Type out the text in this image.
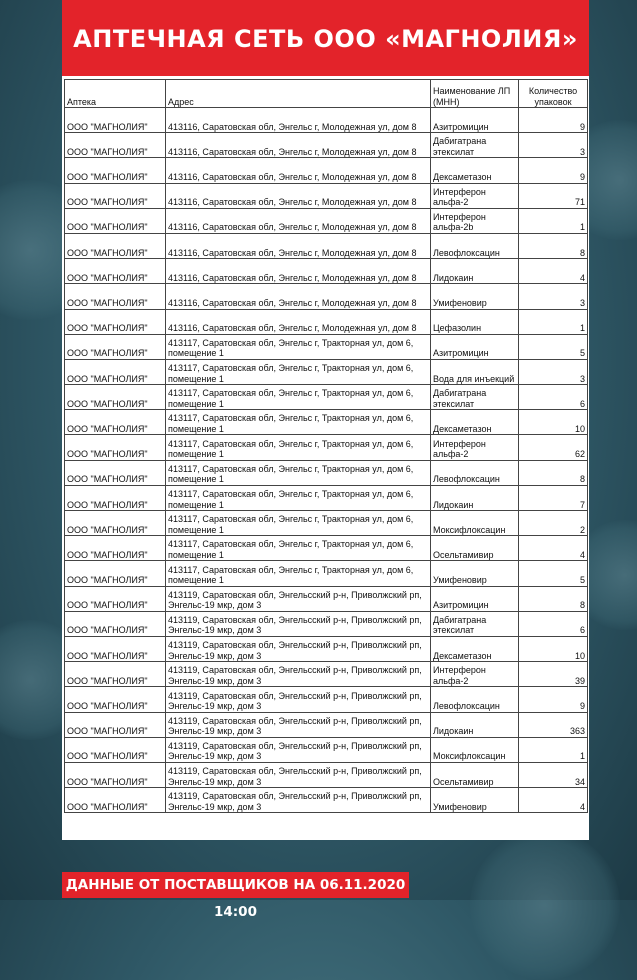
АПТЕЧНАЯ СЕТЬ ООО «МАГНОЛИЯ»
Аптека	Адрес	Наименование ЛП (МНН)	Количество упаковок
ООО "МАГНОЛИЯ"	413116, Саратовская обл, Энгельс г, Молодежная ул, дом 8	Азитромицин	9
ООО "МАГНОЛИЯ"	413116, Саратовская обл, Энгельс г, Молодежная ул, дом 8	Дабигатрана этексилат	3
ООО "МАГНОЛИЯ"	413116, Саратовская обл, Энгельс г, Молодежная ул, дом 8	Дексаметазон	9
ООО "МАГНОЛИЯ"	413116, Саратовская обл, Энгельс г, Молодежная ул, дом 8	Интерферон альфа-2	71
ООО "МАГНОЛИЯ"	413116, Саратовская обл, Энгельс г, Молодежная ул, дом 8	Интерферон альфа-2b	1
ООО "МАГНОЛИЯ"	413116, Саратовская обл, Энгельс г, Молодежная ул, дом 8	Левофлоксацин	8
ООО "МАГНОЛИЯ"	413116, Саратовская обл, Энгельс г, Молодежная ул, дом 8	Лидокаин	4
ООО "МАГНОЛИЯ"	413116, Саратовская обл, Энгельс г, Молодежная ул, дом 8	Умифеновир	3
ООО "МАГНОЛИЯ"	413116, Саратовская обл, Энгельс г, Молодежная ул, дом 8	Цефазолин	1
ООО "МАГНОЛИЯ"	413117, Саратовская обл, Энгельс г, Тракторная ул, дом 6, помещение 1	Азитромицин	5
ООО "МАГНОЛИЯ"	413117, Саратовская обл, Энгельс г, Тракторная ул, дом 6, помещение 1	Вода для инъекций	3
ООО "МАГНОЛИЯ"	413117, Саратовская обл, Энгельс г, Тракторная ул, дом 6, помещение 1	Дабигатрана этексилат	6
ООО "МАГНОЛИЯ"	413117, Саратовская обл, Энгельс г, Тракторная ул, дом 6, помещение 1	Дексаметазон	10
ООО "МАГНОЛИЯ"	413117, Саратовская обл, Энгельс г, Тракторная ул, дом 6, помещение 1	Интерферон альфа-2	62
ООО "МАГНОЛИЯ"	413117, Саратовская обл, Энгельс г, Тракторная ул, дом 6, помещение 1	Левофлоксацин	8
ООО "МАГНОЛИЯ"	413117, Саратовская обл, Энгельс г, Тракторная ул, дом 6, помещение 1	Лидокаин	7
ООО "МАГНОЛИЯ"	413117, Саратовская обл, Энгельс г, Тракторная ул, дом 6, помещение 1	Моксифлоксацин	2
ООО "МАГНОЛИЯ"	413117, Саратовская обл, Энгельс г, Тракторная ул, дом 6, помещение 1	Осельтамивир	4
ООО "МАГНОЛИЯ"	413117, Саратовская обл, Энгельс г, Тракторная ул, дом 6, помещение 1	Умифеновир	5
ООО "МАГНОЛИЯ"	413119, Саратовская обл, Энгельсский р-н, Приволжский рп, Энгельс-19 мкр, дом 3	Азитромицин	8
ООО "МАГНОЛИЯ"	413119, Саратовская обл, Энгельсский р-н, Приволжский рп, Энгельс-19 мкр, дом 3	Дабигатрана этексилат	6
ООО "МАГНОЛИЯ"	413119, Саратовская обл, Энгельсский р-н, Приволжский рп, Энгельс-19 мкр, дом 3	Дексаметазон	10
ООО "МАГНОЛИЯ"	413119, Саратовская обл, Энгельсский р-н, Приволжский рп, Энгельс-19 мкр, дом 3	Интерферон альфа-2	39
ООО "МАГНОЛИЯ"	413119, Саратовская обл, Энгельсский р-н, Приволжский рп, Энгельс-19 мкр, дом 3	Левофлоксацин	9
ООО "МАГНОЛИЯ"	413119, Саратовская обл, Энгельсский р-н, Приволжский рп, Энгельс-19 мкр, дом 3	Лидокаин	363
ООО "МАГНОЛИЯ"	413119, Саратовская обл, Энгельсский р-н, Приволжский рп, Энгельс-19 мкр, дом 3	Моксифлоксацин	1
ООО "МАГНОЛИЯ"	413119, Саратовская обл, Энгельсский р-н, Приволжский рп, Энгельс-19 мкр, дом 3	Осельтамивир	34
ООО "МАГНОЛИЯ"	413119, Саратовская обл, Энгельсский р-н, Приволжский рп, Энгельс-19 мкр, дом 3	Умифеновир	4
ДАННЫЕ ОТ ПОСТАВЩИКОВ НА 06.11.2020 14:00
